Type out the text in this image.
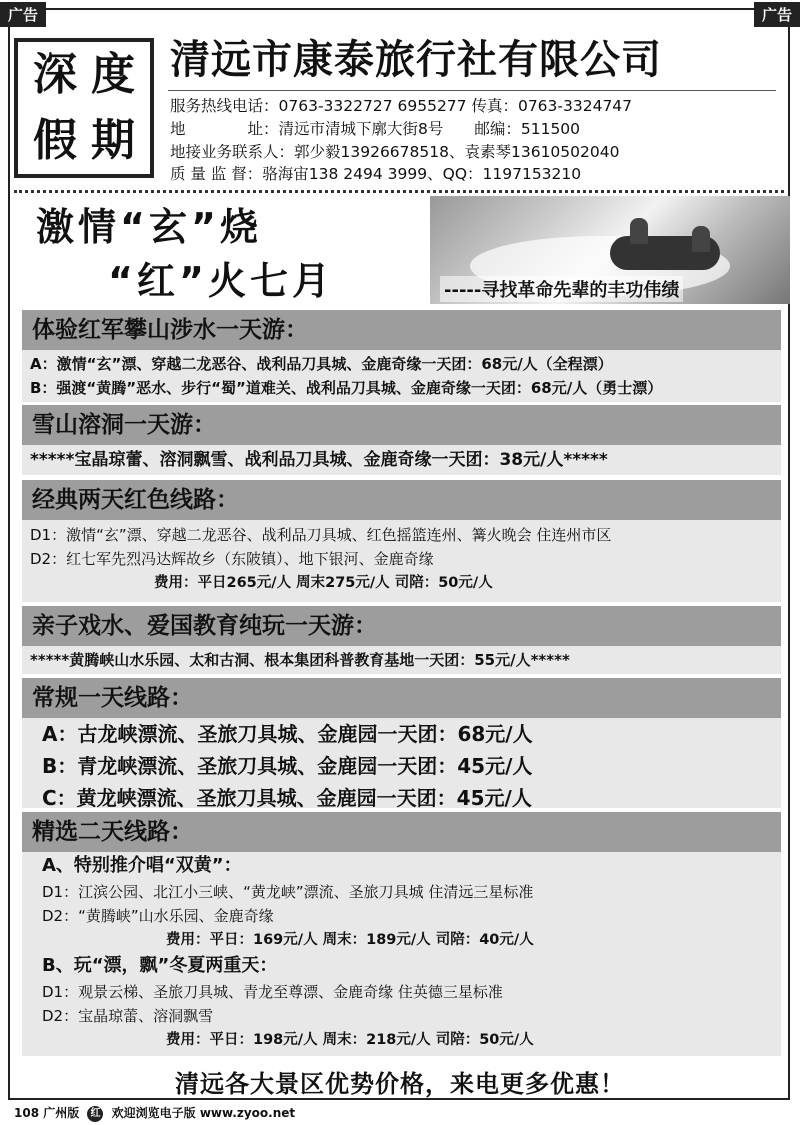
广告	广告
深 度
假 期
清远市康泰旅行社有限公司
服务热线电话：0763-3322727 6955277 传真：0763-3324747
地　　　　址：清远市清城下廓大街8号　　邮编：511500
地接业务联系人：郭少毅13926678518、袁素琴13610502040
质 量 监 督：骆海宙138 2494 3999、QQ：1197153210
激情“玄”烧
“红”火七月	-----寻找革命先辈的丰功伟绩
体验红军攀山涉水一天游：
A：激情“玄”漂、穿越二龙恶谷、战利品刀具城、金鹿奇缘一天团：68元/人（全程漂）
B：强渡“黄腾”恶水、步行“蜀”道难关、战利品刀具城、金鹿奇缘一天团：68元/人（勇士漂）
雪山溶洞一天游：
*****宝晶琼蕾、溶洞飘雪、战利品刀具城、金鹿奇缘一天团：38元/人*****
经典两天红色线路：
D1：激情“玄”漂、穿越二龙恶谷、战利品刀具城、红色摇篮连州、篝火晚会 住连州市区
D2：红七军先烈冯达辉故乡（东陂镇）、地下银河、金鹿奇缘
费用：平日265元/人 周末275元/人 司陪：50元/人
亲子戏水、爱国教育纯玩一天游：
*****黄腾峡山水乐园、太和古洞、根本集团科普教育基地一天团：55元/人*****
常规一天线路：
A：古龙峡漂流、圣旅刀具城、金鹿园一天团：68元/人
B：青龙峡漂流、圣旅刀具城、金鹿园一天团：45元/人
C：黄龙峡漂流、圣旅刀具城、金鹿园一天团：45元/人
精选二天线路：
A、特别推介唱“双黄”：
D1：江滨公园、北江小三峡、“黄龙峡”漂流、圣旅刀具城 住清远三星标准
D2：“黄腾峡”山水乐园、金鹿奇缘
费用：平日：169元/人 周末：189元/人 司陪：40元/人
B、玩“漂，飘”冬夏两重天：
D1：观景云梯、圣旅刀具城、青龙至尊漂、金鹿奇缘 住英德三星标准
D2：宝晶琼蕾、溶洞飘雪
费用：平日：198元/人 周末：218元/人 司陪：50元/人
清远各大景区优势价格，来电更多优惠！
108 广州版 红 欢迎浏览电子版 www.zyoo.net
